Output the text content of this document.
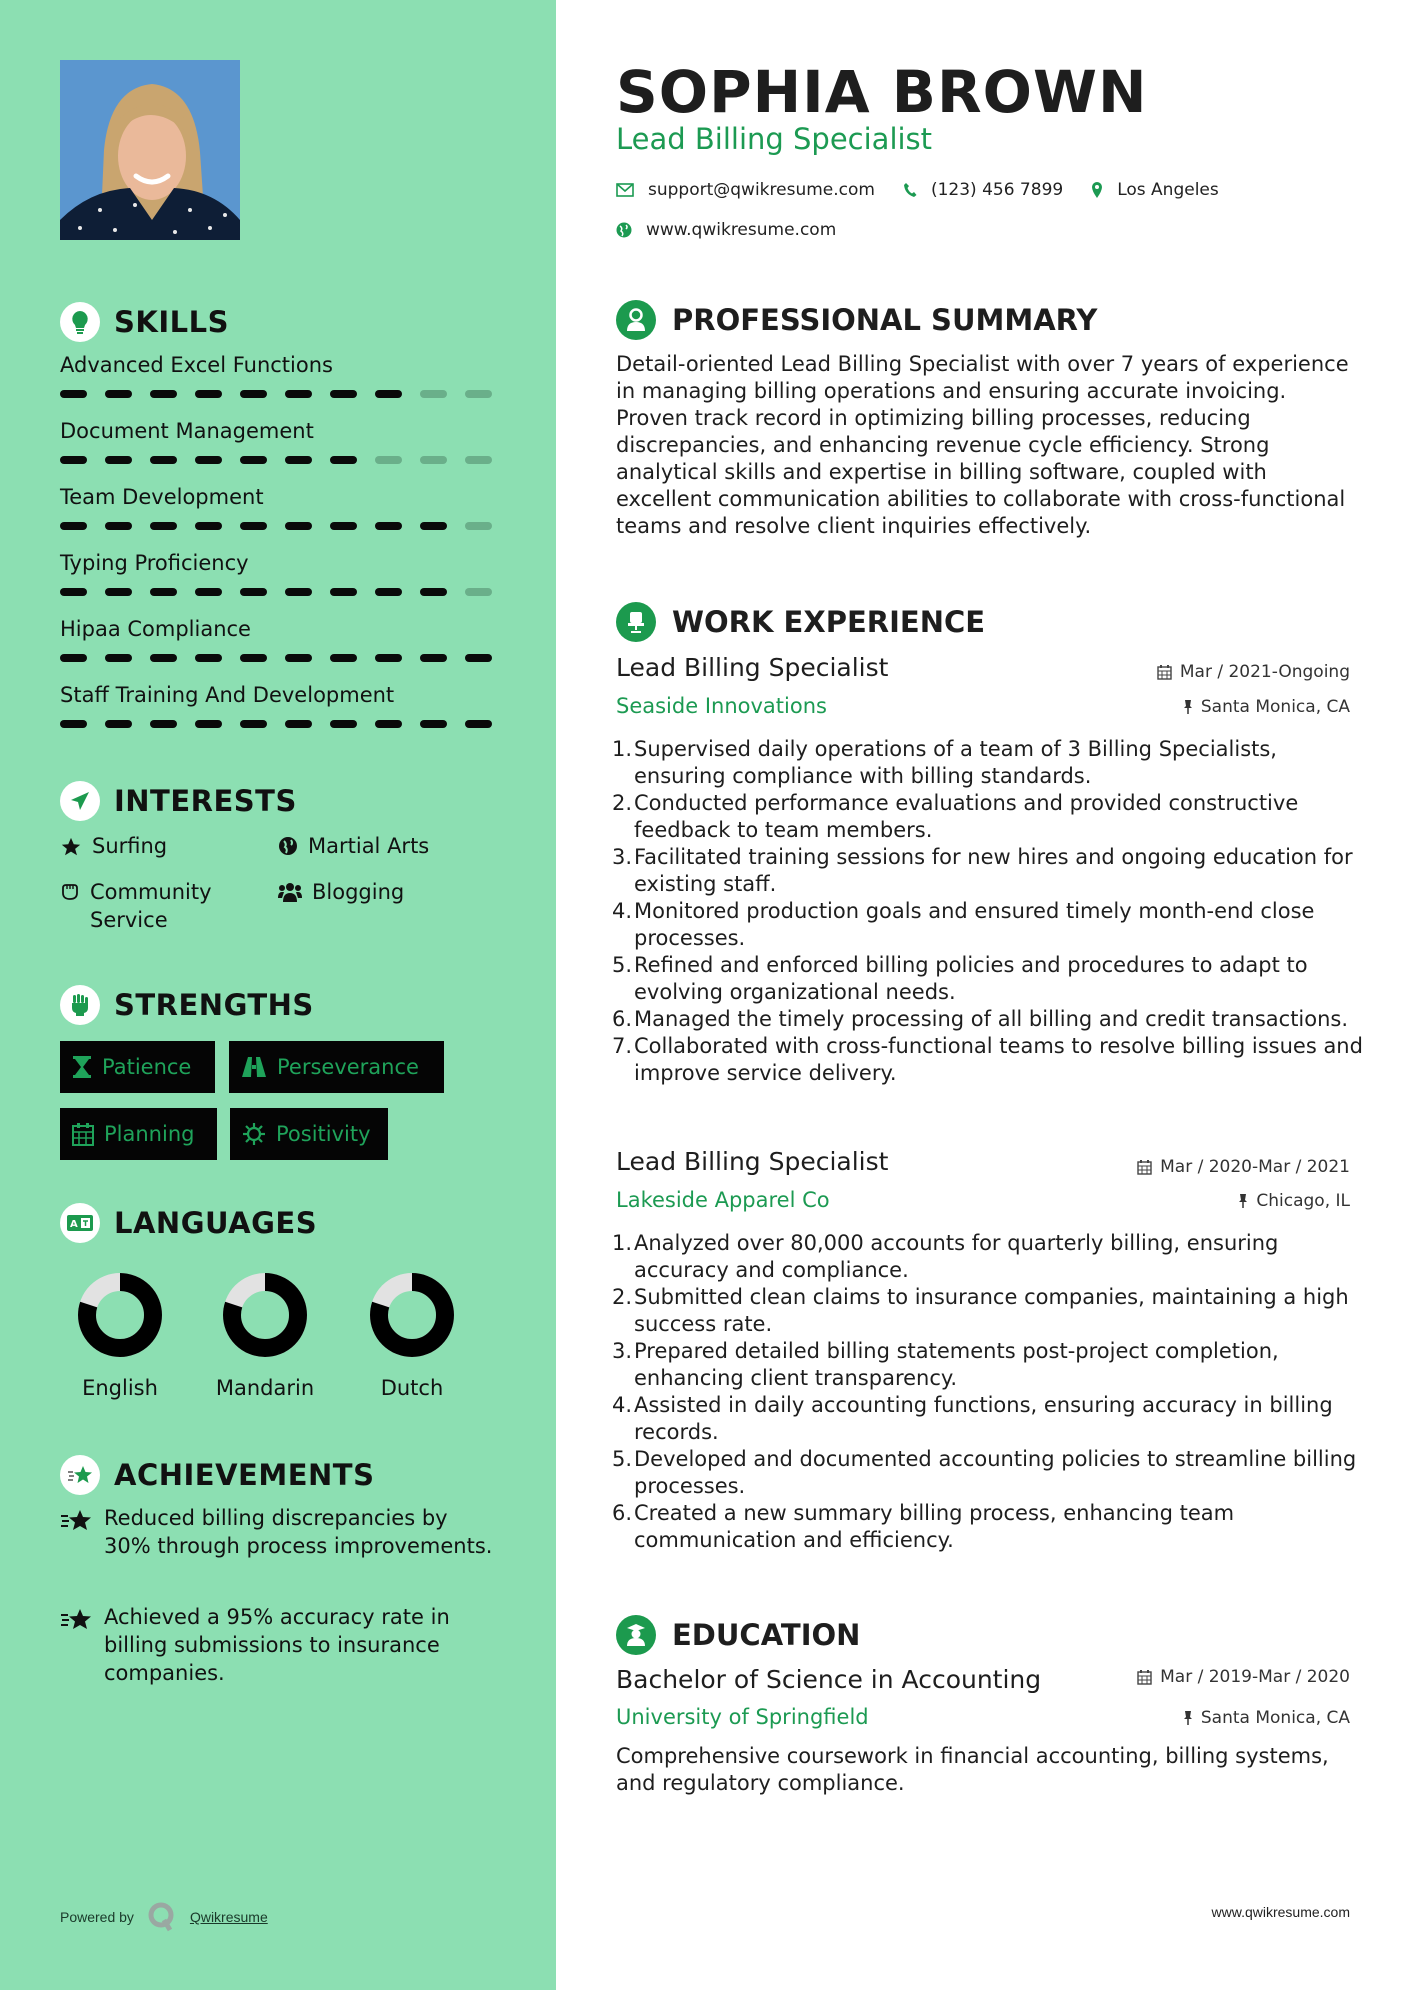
SKILLS
Advanced Excel Functions
Document Management
Team Development
Typing Proficiency
Hipaa Compliance
Staff Training And Development
INTERESTS
Surfing	Martial Arts
Community Service
Blogging
STRENGTHS
Patience	Perseverance
Planning	Positivity
A LANGUAGES
English	Mandarin	Dutch
ACHIEVEMENTS
Reduced billing discrepancies by 30% through process improvements.
Achieved a 95% accuracy rate in billing submissions to insurance companies.
Powered by	Qwikresume
SOPHIA BROWN
Lead Billing Specialist
support@qwikresume.com	(123) 456 7899	Los Angeles
www.qwikresume.com
PROFESSIONAL SUMMARY

Detail-oriented Lead Billing Specialist with over 7 years of experience in managing billing operations and ensuring accurate invoicing. Proven track record in optimizing billing processes, reducing discrepancies, and enhancing revenue cycle efficiency. Strong analytical skills and expertise in billing software, coupled with excellent communication abilities to collaborate with cross-functional teams and resolve client inquiries effectively.

WORK EXPERIENCE
Lead Billing Specialist	Mar / 2021-Ongoing
Seaside Innovations	Santa Monica, CA
1. Supervised daily operations of a team of 3 Billing Specialists, ensuring compliance with billing standards.
2. Conducted performance evaluations and provided constructive feedback to team members.
3. Facilitated training sessions for new hires and ongoing education for existing staff.
4. Monitored production goals and ensured timely month-end close processes.
5. Refined and enforced billing policies and procedures to adapt to evolving organizational needs.
6. Managed the timely processing of all billing and credit transactions.
7. Collaborated with cross-functional teams to resolve billing issues and improve service delivery.
Lead Billing Specialist	Mar / 2020-Mar / 2021
Lakeside Apparel Co	Chicago, IL
1. Analyzed over 80,000 accounts for quarterly billing, ensuring accuracy and compliance.
2. Submitted clean claims to insurance companies, maintaining a high success rate.
3. Prepared detailed billing statements post-project completion, enhancing client transparency.
4. Assisted in daily accounting functions, ensuring accuracy in billing records.
5. Developed and documented accounting policies to streamline billing processes.
6. Created a new summary billing process, enhancing team communication and efficiency.
EDUCATION
Bachelor of Science in Accounting	Mar / 2019-Mar / 2020
University of Springfield	Santa Monica, CA

Comprehensive coursework in financial accounting, billing systems, and regulatory compliance.

www.qwikresume.com
